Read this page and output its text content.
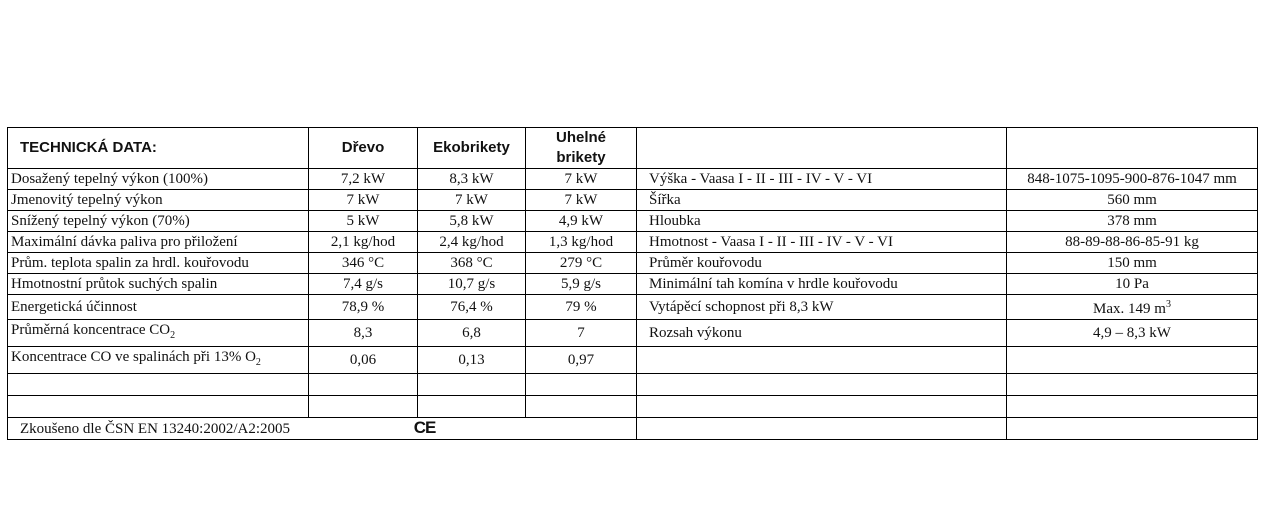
TECHNICKÁ DATA:	Dřevo	Ekobrikety	Uhelné
brikety		
Dosažený tepelný výkon (100%)	7,2 kW	8,3 kW	7 kW	Výška - Vaasa I - II - III - IV - V - VI	848-1075-1095-900-876-1047 mm
Jmenovitý tepelný výkon	7 kW	7 kW	7 kW	Šířka	560 mm
Snížený tepelný výkon (70%)	5 kW	5,8 kW	4,9 kW	Hloubka	378 mm
Maximální dávka paliva pro přiložení	2,1 kg/hod	2,4 kg/hod	1,3 kg/hod	Hmotnost - Vaasa I - II - III - IV - V - VI	88-89-88-86-85-91 kg
Prům. teplota spalin za hrdl. kouřovodu	346 °C	368 °C	279 °C	Průměr kouřovodu	150 mm
Hmotnostní průtok suchých spalin	7,4 g/s	10,7 g/s	5,9 g/s	Minimální tah komína v hrdle kouřovodu	10 Pa
Energetická účinnost	78,9 %	76,4 %	79 %	Vytápěcí schopnost při 8,3 kW	Max. 149 $m^3$
Průměrná koncentrace $CO_2$	8,3	6,8	7	Rozsah výkonu	4,9 – 8,3 kW
Koncentrace CO ve spalinách při 13% $O_2$	0,06	0,13	0,97		

Zkoušeno dle ČSN EN 13240:2002/A2:2005 CE					
